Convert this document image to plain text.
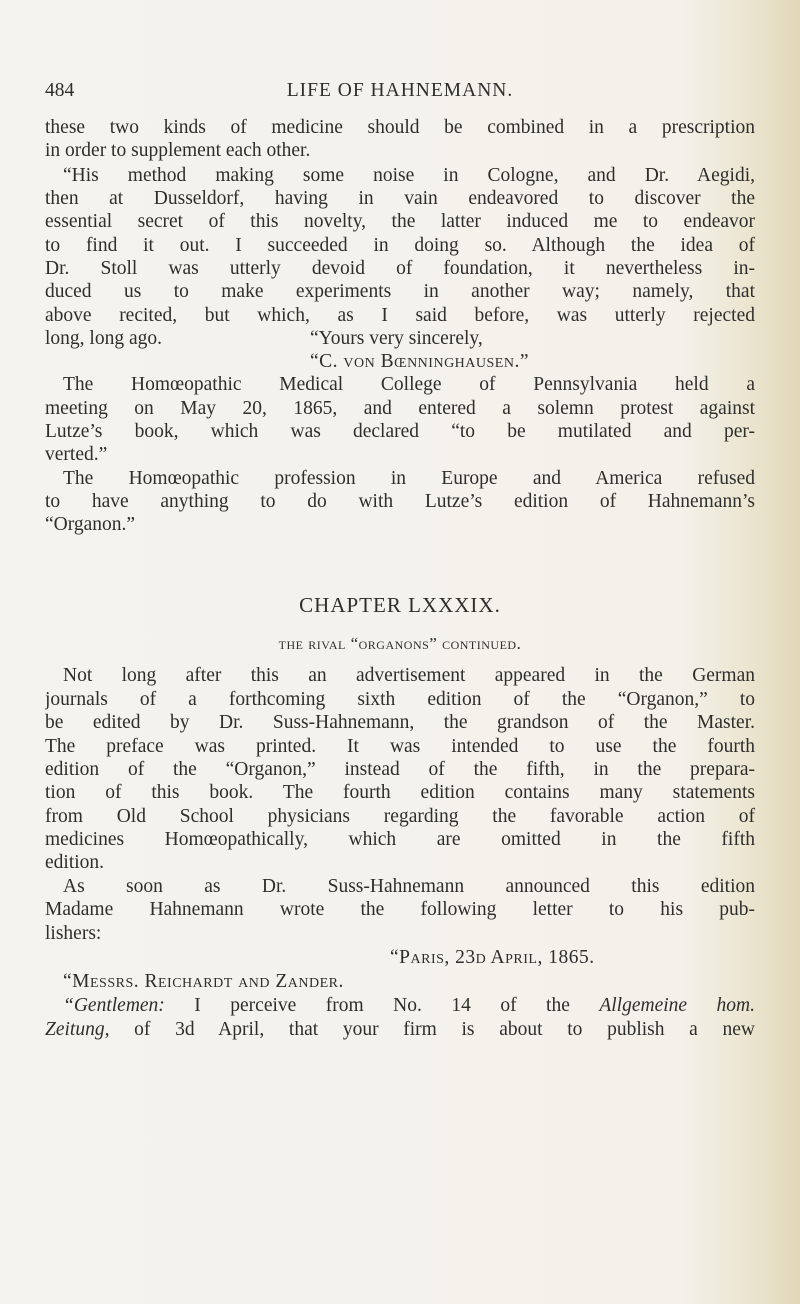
484	LIFE OF HAHNEMANN.
these two kinds of medicine should be combined in a prescription
in order to supplement each other.
“His method making some noise in Cologne, and Dr. Aegidi,
then at Dusseldorf, having in vain endeavored to discover the
essential secret of this novelty, the latter induced me to endeavor
to find it out. I succeeded in doing so. Although the idea of
Dr. Stoll was utterly devoid of foundation, it nevertheless in-
duced us to make experiments in another way; namely, that
above recited, but which, as I said before, was utterly rejected
long, long ago.	“Yours very sincerely,
“C. von Bœnninghausen.”
The Homœopathic Medical College of Pennsylvania held a
meeting on May 20, 1865, and entered a solemn protest against
Lutze’s book, which was declared “to be mutilated and per-
verted.”
The Homœopathic profession in Europe and America refused
to have anything to do with Lutze’s edition of Hahnemann’s
“Organon.”
CHAPTER LXXXIX.
the rival “organons” continued.
Not long after this an advertisement appeared in the German
journals of a forthcoming sixth edition of the “Organon,” to
be edited by Dr. Suss-Hahnemann, the grandson of the Master.
The preface was printed. It was intended to use the fourth
edition of the “Organon,” instead of the fifth, in the prepara-
tion of this book. The fourth edition contains many statements
from Old School physicians regarding the favorable action of
medicines Homœopathically, which are omitted in the fifth
edition.
As soon as Dr. Suss-Hahnemann announced this edition
Madame Hahnemann wrote the following letter to his pub-
lishers:
“Paris, 23d April, 1865.
“Messrs. Reichardt and Zander.
“Gentlemen: I perceive from No. 14 of the Allgemeine hom.
Zeitung, of 3d April, that your firm is about to publish a new
